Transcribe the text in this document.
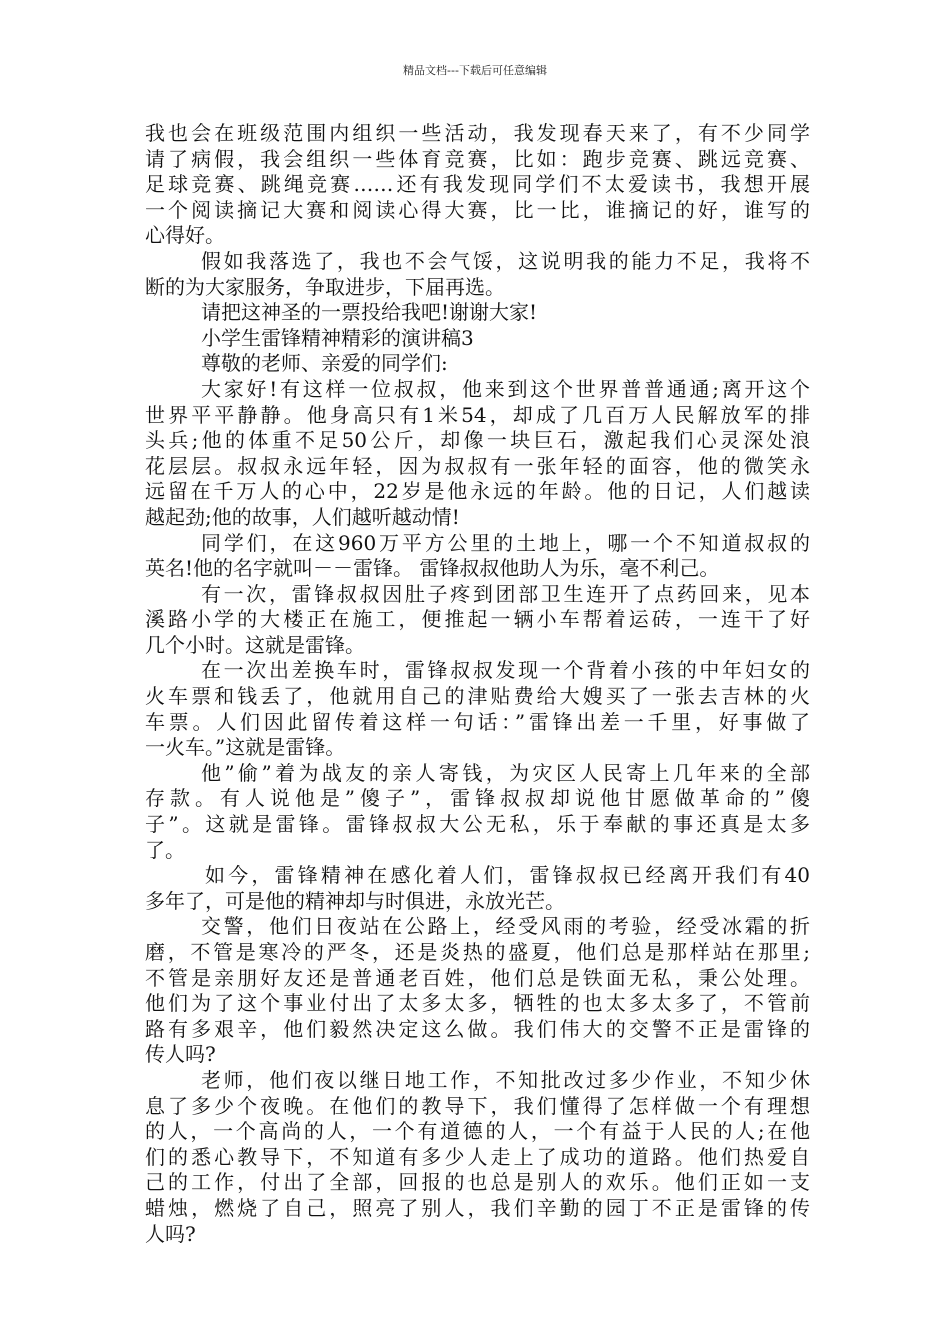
精品文档---下载后可任意编辑
我也会在班级范围内组织一些活动，我发现春天来了，有不少同学
请了病假，我会组织一些体育竞赛，比如：跑步竞赛、跳远竞赛、
足球竞赛、跳绳竞赛……还有我发现同学们不太爱读书，我想开展
一个阅读摘记大赛和阅读心得大赛，比一比，谁摘记的好，谁写的
心得好。
假如我落选了，我也不会气馁，这说明我的能力不足，我将不
断的为大家服务，争取进步，下届再选。
请把这神圣的一票投给我吧!谢谢大家!
小学生雷锋精神精彩的演讲稿3
尊敬的老师、亲爱的同学们:
大家好!有这样一位叔叔，他来到这个世界普普通通;离开这个
世界平平静静。他身高只有1米54，却成了几百万人民解放军的排
头兵;他的体重不足50公斤，却像一块巨石，激起我们心灵深处浪
花层层。叔叔永远年轻，因为叔叔有一张年轻的面容，他的微笑永
远留在千万人的心中，22岁是他永远的年龄。他的日记，人们越读
越起劲;他的故事，人们越听越动情!
同学们，在这960万平方公里的土地上，哪一个不知道叔叔的
英名!他的名字就叫－－雷锋。 雷锋叔叔他助人为乐，毫不利己。
有一次，雷锋叔叔因肚子疼到团部卫生连开了点药回来，见本
溪路小学的大楼正在施工，便推起一辆小车帮着运砖，一连干了好
几个小时。这就是雷锋。
在一次出差换车时，雷锋叔叔发现一个背着小孩的中年妇女的
火车票和钱丢了，他就用自己的津贴费给大嫂买了一张去吉林的火
车票。人们因此留传着这样一句话：”雷锋出差一千里，好事做了
一火车。”这就是雷锋。
他”偷”着为战友的亲人寄钱，为灾区人民寄上几年来的全部
存款。有人说他是”傻子”，雷锋叔叔却说他甘愿做革命的”傻
子”。这就是雷锋。雷锋叔叔大公无私，乐于奉献的事还真是太多
了。
如今，雷锋精神在感化着人们，雷锋叔叔已经离开我们有40
多年了，可是他的精神却与时俱进，永放光芒。
交警，他们日夜站在公路上，经受风雨的考验，经受冰霜的折
磨，不管是寒冷的严冬，还是炎热的盛夏，他们总是那样站在那里;
不管是亲朋好友还是普通老百姓，他们总是铁面无私，秉公处理。
他们为了这个事业付出了太多太多，牺牲的也太多太多了，不管前
路有多艰辛，他们毅然决定这么做。我们伟大的交警不正是雷锋的
传人吗?
老师，他们夜以继日地工作，不知批改过多少作业，不知少休
息了多少个夜晚。在他们的教导下，我们懂得了怎样做一个有理想
的人，一个高尚的人，一个有道德的人，一个有益于人民的人;在他
们的悉心教导下，不知道有多少人走上了成功的道路。他们热爱自
己的工作，付出了全部，回报的也总是别人的欢乐。他们正如一支
蜡烛，燃烧了自己，照亮了别人，我们辛勤的园丁不正是雷锋的传
人吗?
